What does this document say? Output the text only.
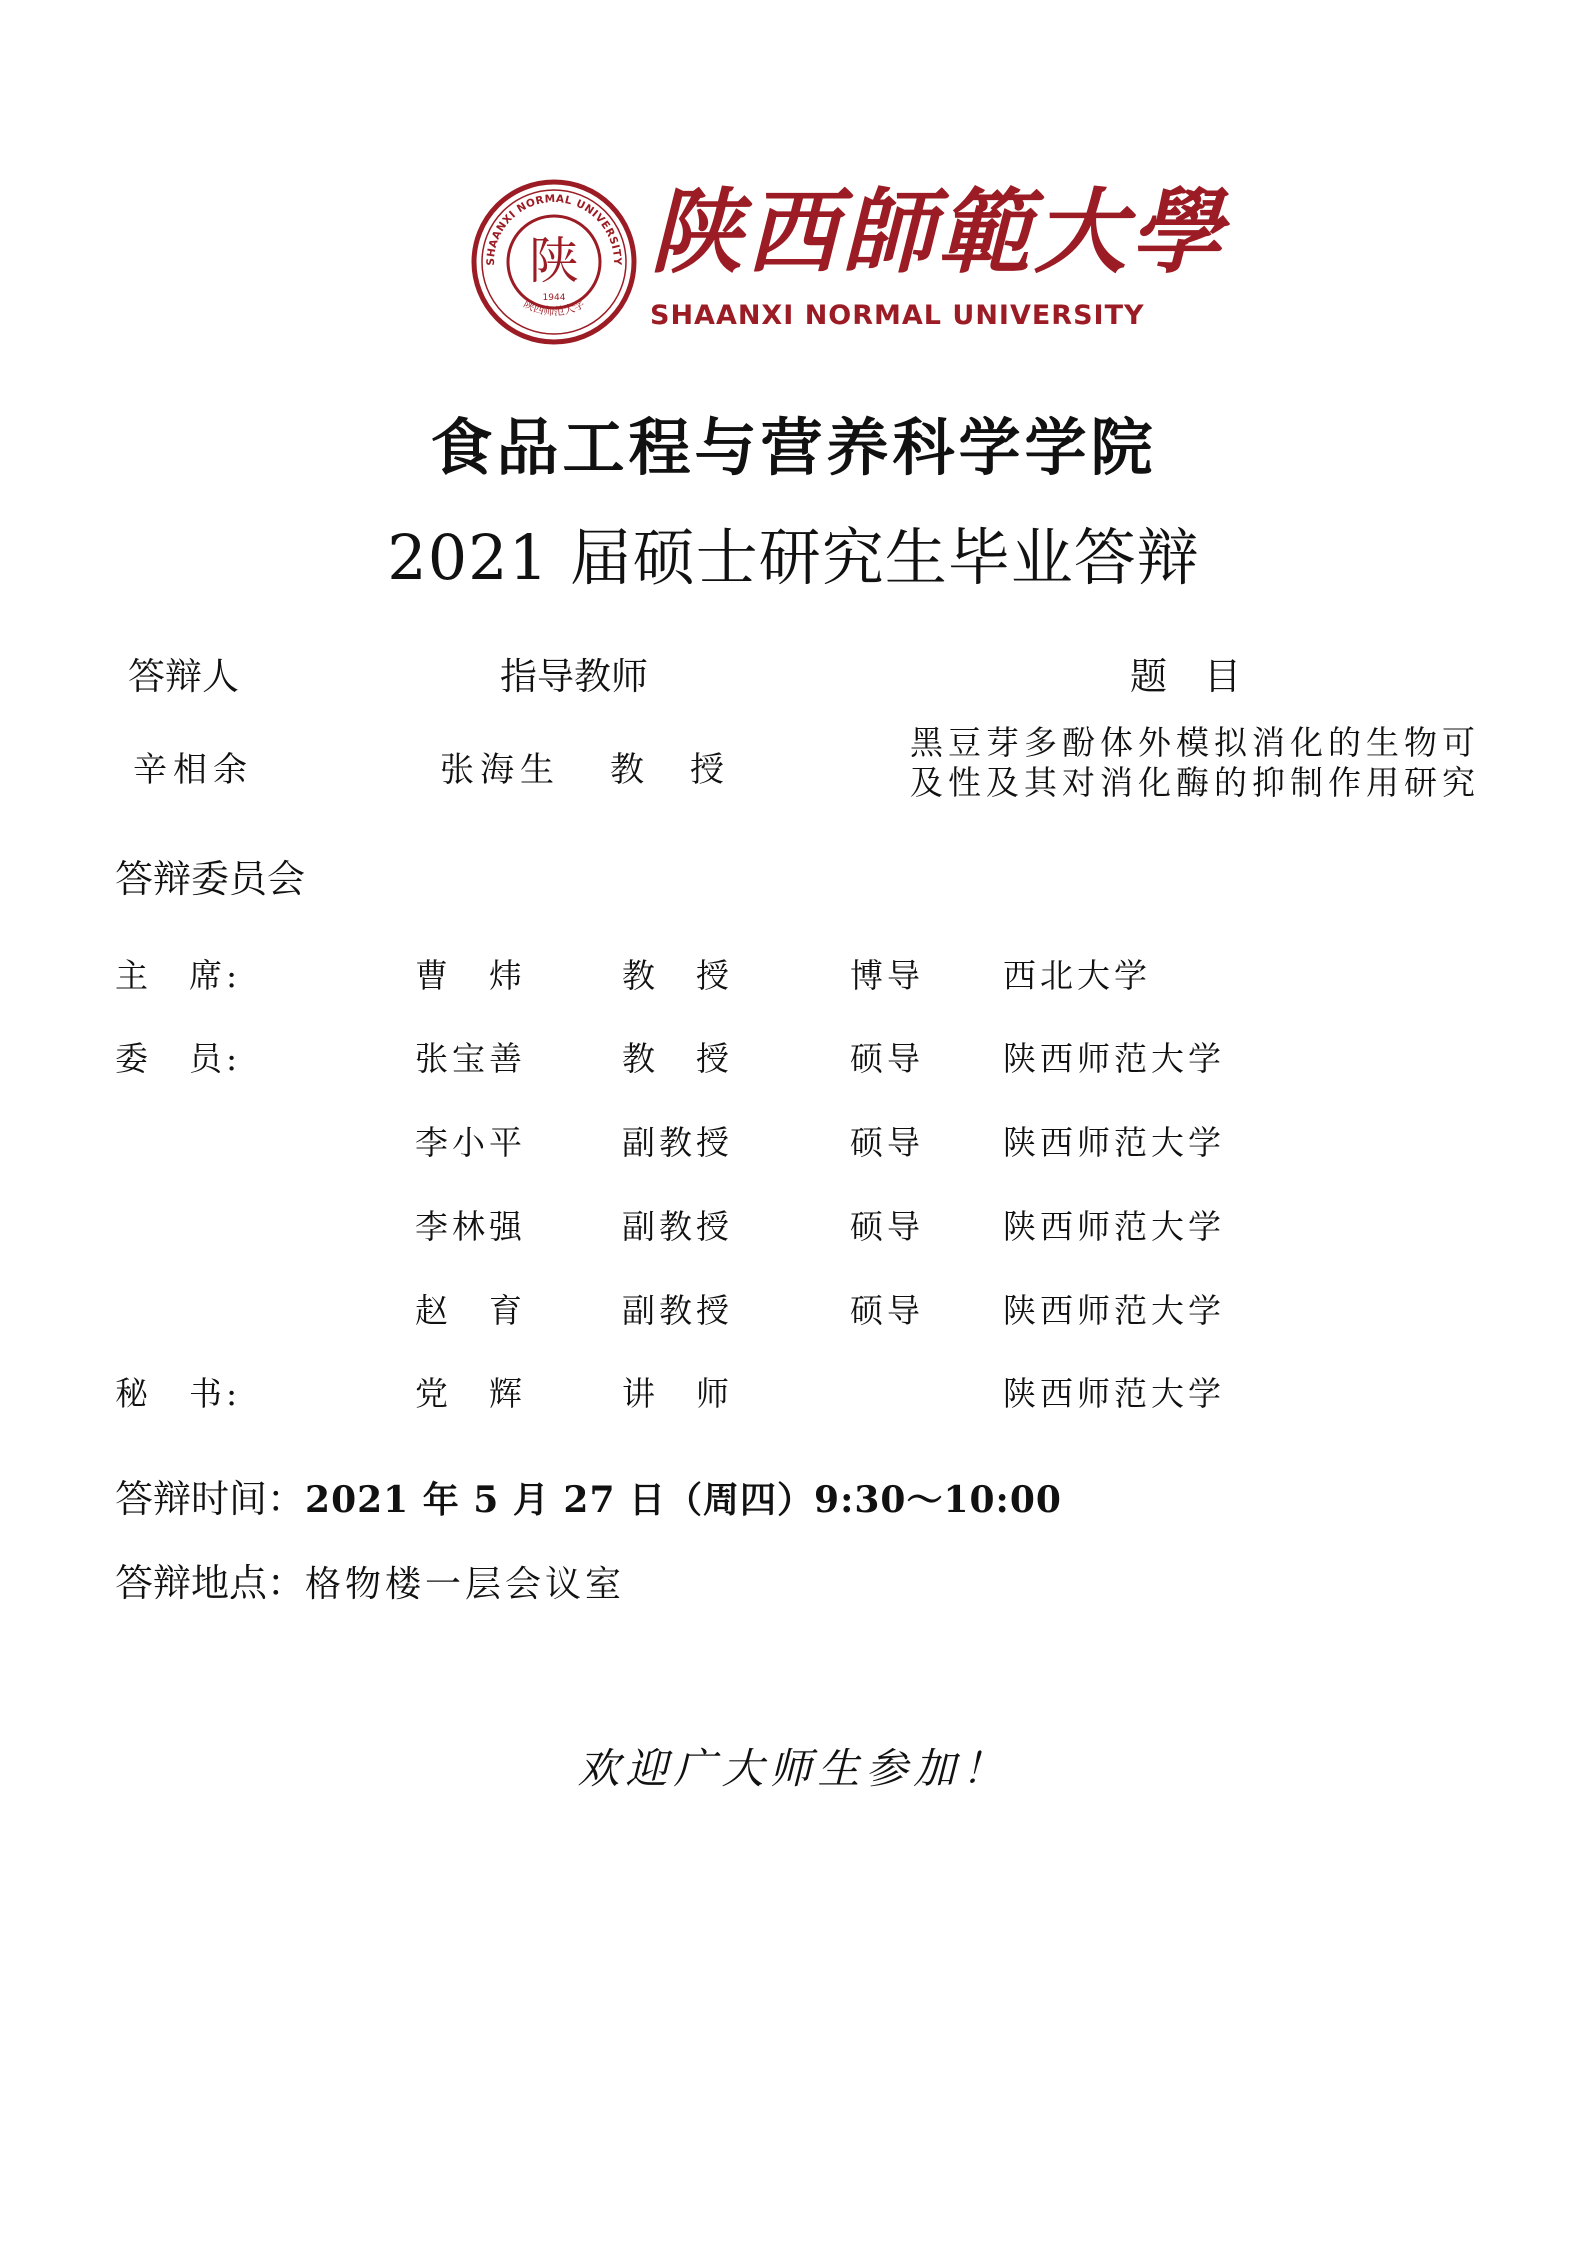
SHAANXI NORMAL UNIVERSITY
陕西师范大学
陕
1944
陕西師範大學
SHAANXI NORMAL UNIVERSITY
食品工程与营养科学学院
2021 届硕士研究生毕业答辩
答辩人	指导教师	题　目
辛相余	张海生 教　授
黑豆芽多酚体外模拟消化的生物可
及性及其对消化酶的抑制作用研究
答辩委员会
主　席:	曹　炜	教　授	博导 西北大学
委　员:	张宝善	教　授	硕导 陕西师范大学
李小平	副教授	硕导 陕西师范大学
李林强	副教授	硕导 陕西师范大学
赵　育	副教授	硕导 陕西师范大学
秘　书:	党　辉	讲　师	陕西师范大学
答辩时间：2021 年 5 月 27 日（周四）9:30～10:00
答辩地点：格物楼一层会议室
欢迎广大师生参加！
